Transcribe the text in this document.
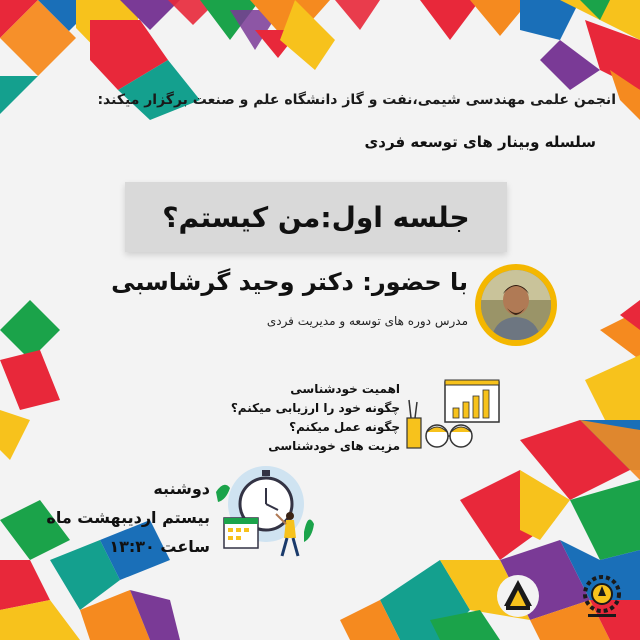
انجمن علمی مهندسی شیمی،نفت و گاز دانشگاه علم و صنعت برگزار میکند:
سلسله وبینار های توسعه فردی
جلسه اول:من کیستم؟
با حضور: دکتر وحید گرشاسبی
مدرس دوره های توسعه و مدیریت فردی
اهمیت خودشناسی
چگونه خود را ارزیابی میکنم؟
چگونه عمل میکنم؟
مزیت های خودشناسی
دوشنبه
بیستم اردیبهشت ماه
ساعت ۱۳:۳۰
